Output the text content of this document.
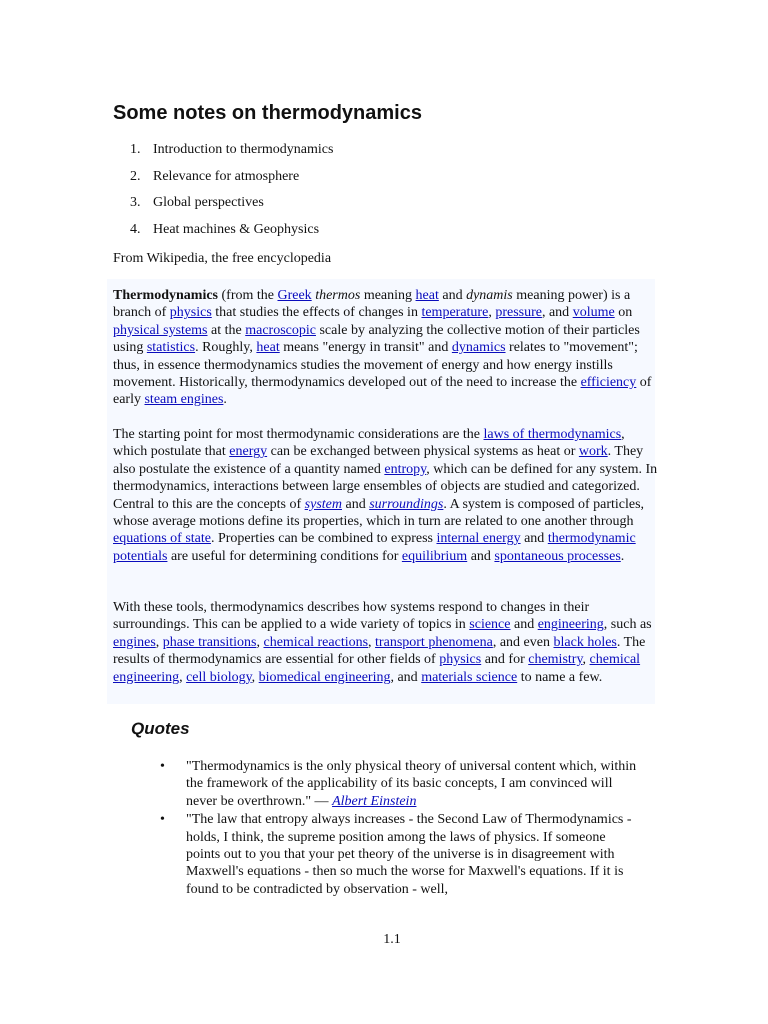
Some notes on thermodynamics
1. Introduction to thermodynamics
2. Relevance for atmosphere
3. Global perspectives
4. Heat machines & Geophysics

From Wikipedia, the free encyclopedia

Thermodynamics (from the Greek thermos meaning heat and dynamis meaning power) is a branch of physics that studies the effects of changes in temperature, pressure, and volume on physical systems at the macroscopic scale by analyzing the collective motion of their particles using statistics. Roughly, heat means "energy in transit" and dynamics relates to "movement"; thus, in essence thermodynamics studies the movement of energy and how energy instills movement. Historically, thermodynamics developed out of the need to increase the efficiency of early steam engines.

The starting point for most thermodynamic considerations are the laws of thermodynamics, which postulate that energy can be exchanged between physical systems as heat or work. They also postulate the existence of a quantity named entropy, which can be defined for any system. In thermodynamics, interactions between large ensembles of objects are studied and categorized. Central to this are the concepts of system and surroundings. A system is composed of particles, whose average motions define its properties, which in turn are related to one another through equations of state. Properties can be combined to express internal energy and thermodynamic potentials are useful for determining conditions for equilibrium and spontaneous processes.

With these tools, thermodynamics describes how systems respond to changes in their surroundings. This can be applied to a wide variety of topics in science and engineering, such as engines, phase transitions, chemical reactions, transport phenomena, and even black holes. The results of thermodynamics are essential for other fields of physics and for chemistry, chemical engineering, cell biology, biomedical engineering, and materials science to name a few.

Quotes
• "Thermodynamics is the only physical theory of universal content which, within the framework of the applicability of its basic concepts, I am convinced will never be overthrown." — Albert Einstein
• "The law that entropy always increases - the Second Law of Thermodynamics - holds, I think, the supreme position among the laws of physics. If someone points out to you that your pet theory of the universe is in disagreement with Maxwell's equations - then so much the worse for Maxwell's equations. If it is found to be contradicted by observation - well,
1.1
